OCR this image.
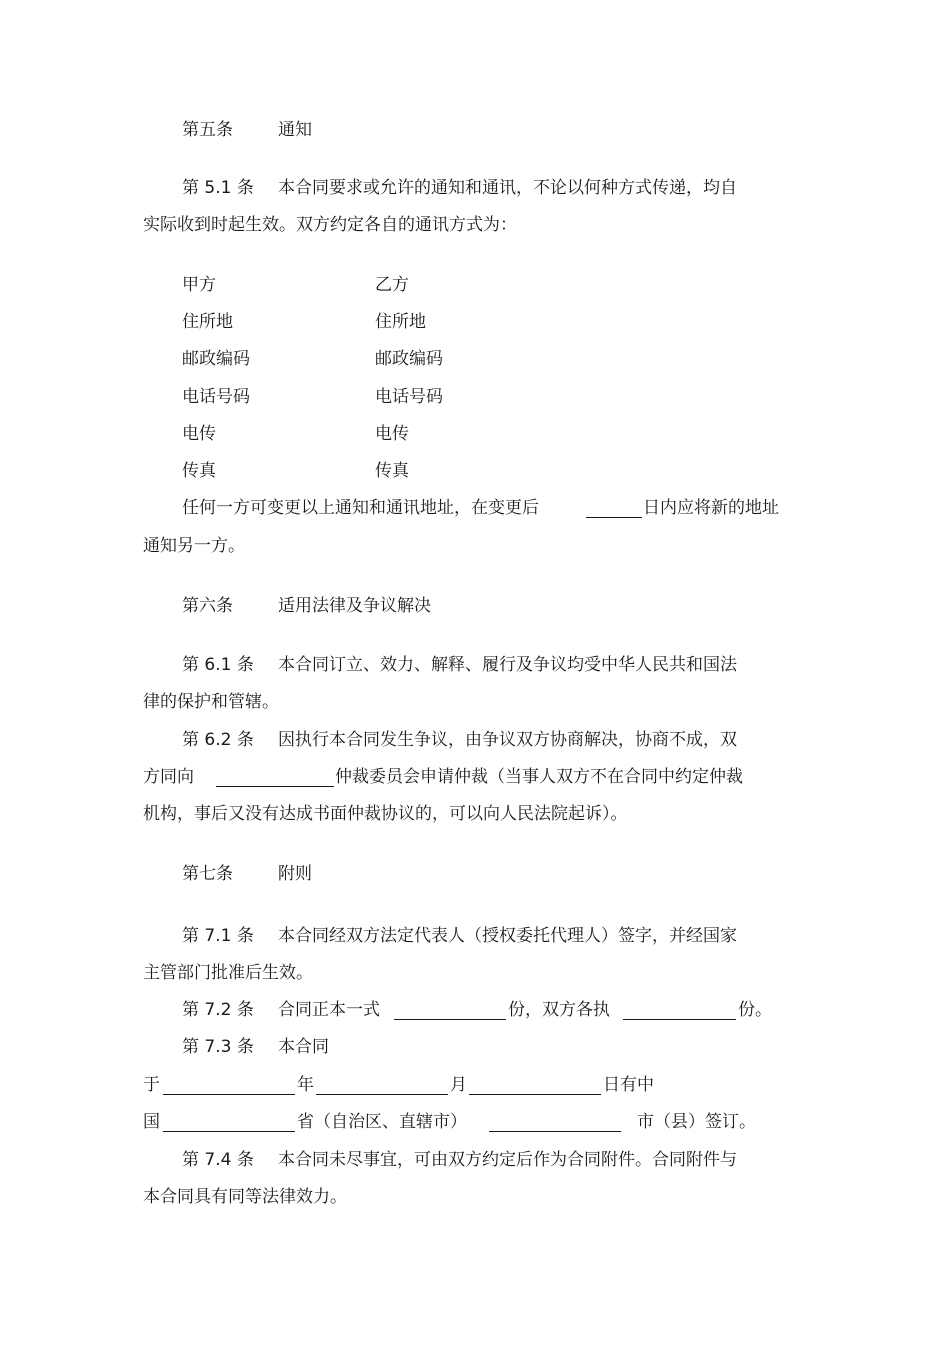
第五条	通知
第 5.1 条 本合同要求或允许的通知和通讯，不论以何种方式传递，均自
实际收到时起生效。双方约定各自的通讯方式为：
甲方	乙方
住所地	住所地
邮政编码	邮政编码
电话号码	电话号码
电传	电传
传真	传真
任何一方可变更以上通知和通讯地址，在变更后	日内应将新的地址
通知另一方。
第六条	适用法律及争议解决
第 6.1 条 本合同订立、效力、解释、履行及争议均受中华人民共和国法
律的保护和管辖。
第 6.2 条 因执行本合同发生争议，由争议双方协商解决，协商不成，双
方同向	仲裁委员会申请仲裁（当事人双方不在合同中约定仲裁
机构，事后又没有达成书面仲裁协议的，可以向人民法院起诉）。
第七条	附则
第 7.1 条 本合同经双方法定代表人（授权委托代理人）签字，并经国家
主管部门批准后生效。
第 7.2 条 合同正本一式	份，双方各执	份。
第 7.3 条 本合同
于	年	月	日有中
国	省（自治区、直辖市）	市（县）签订。
第 7.4 条 本合同未尽事宜，可由双方约定后作为合同附件。合同附件与
本合同具有同等法律效力。
